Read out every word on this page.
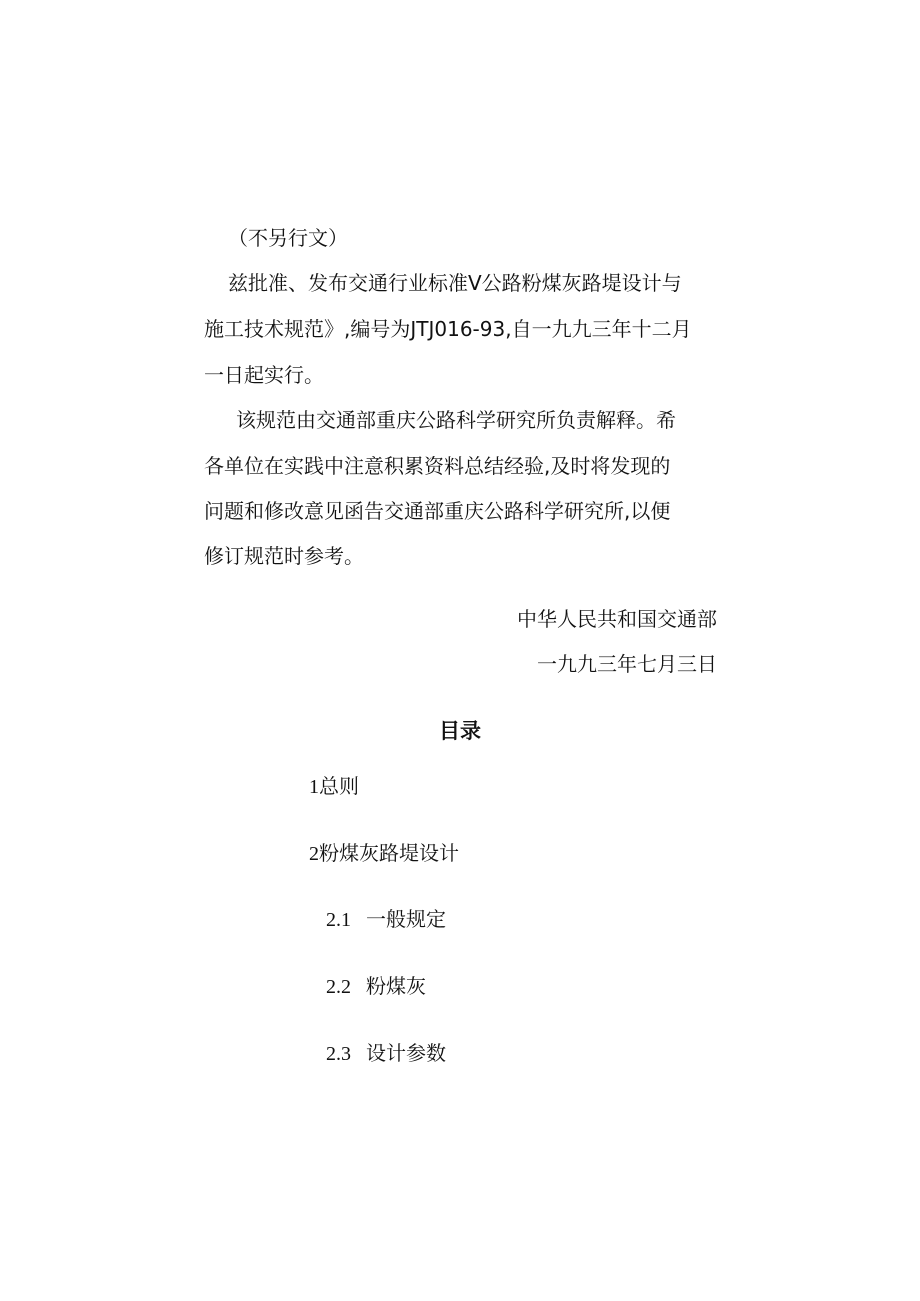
（不另行文）
兹批准、发布交通行业标准V公路粉煤灰路堤设计与
施工技术规范》,编号为JTJ016-93,自一九九三年十二月
一日起实行。
该规范由交通部重庆公路科学研究所负责解释。希
各单位在实践中注意积累资料总结经验,及时将发现的
问题和修改意见函告交通部重庆公路科学研究所,以便
修订规范时参考。
中华人民共和国交通部
一九九三年七月三日
目录
1总则
2粉煤灰路堤设计
2.1 一般规定
2.2 粉煤灰
2.3 设计参数
